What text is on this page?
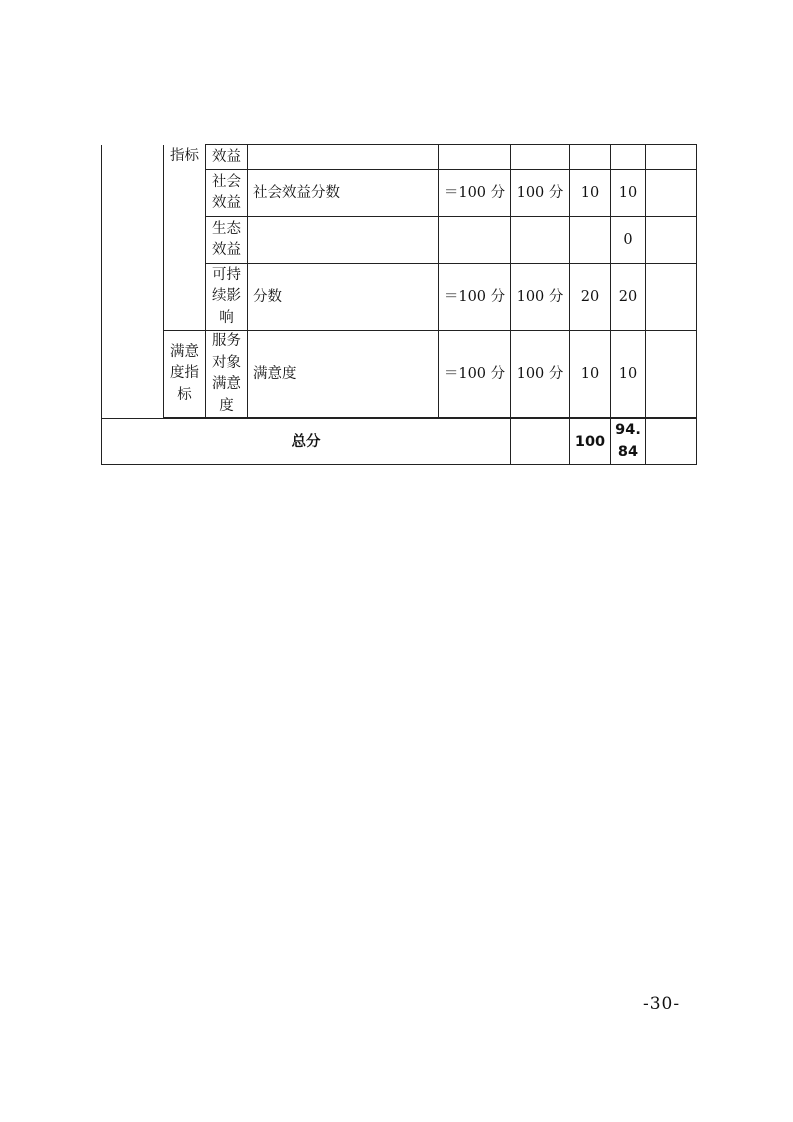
	指标	效益						

		社会效益	社会效益分数	＝100 分	100 分	10	10	

		生态效益					0	

		可持续影响	分数	＝100 分	100 分	20	20	

	满意度指标	服务对象满意度	满意度	＝100 分	100 分	10	10	

总分						100	94.84	

-30-
